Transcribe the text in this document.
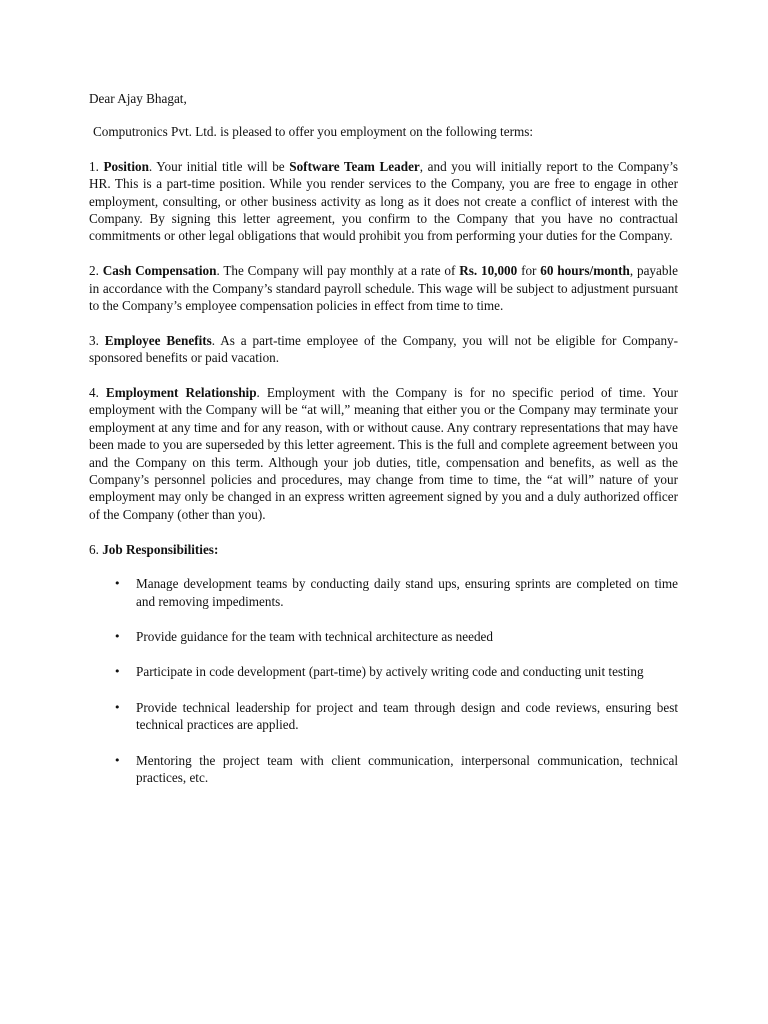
Dear Ajay Bhagat,

Computronics Pvt. Ltd. is pleased to offer you employment on the following terms:

1. Position. Your initial title will be Software Team Leader, and you will initially report to the Company’s HR. This is a part-time position. While you render services to the Company, you are free to engage in other employment, consulting, or other business activity as long as it does not create a conflict of interest with the Company. By signing this letter agreement, you confirm to the Company that you have no contractual commitments or other legal obligations that would prohibit you from performing your duties for the Company.

2. Cash Compensation. The Company will pay monthly at a rate of Rs. 10,000 for 60 hours/month, payable in accordance with the Company’s standard payroll schedule. This wage will be subject to adjustment pursuant to the Company’s employee compensation policies in effect from time to time.

3. Employee Benefits. As a part-time employee of the Company, you will not be eligible for Company-sponsored benefits or paid vacation.

4. Employment Relationship. Employment with the Company is for no specific period of time. Your employment with the Company will be “at will,” meaning that either you or the Company may terminate your employment at any time and for any reason, with or without cause. Any contrary representations that may have been made to you are superseded by this letter agreement. This is the full and complete agreement between you and the Company on this term. Although your job duties, title, compensation and benefits, as well as the Company’s personnel policies and procedures, may change from time to time, the “at will” nature of your employment may only be changed in an express written agreement signed by you and a duly authorized officer of the Company (other than you).

6. Job Responsibilities:

• Manage development teams by conducting daily stand ups, ensuring sprints are completed on time and removing impediments.
• Provide guidance for the team with technical architecture as needed
• Participate in code development (part-time) by actively writing code and conducting unit testing
• Provide technical leadership for project and team through design and code reviews, ensuring best technical practices are applied.
• Mentoring the project team with client communication, interpersonal communication, technical practices, etc.
